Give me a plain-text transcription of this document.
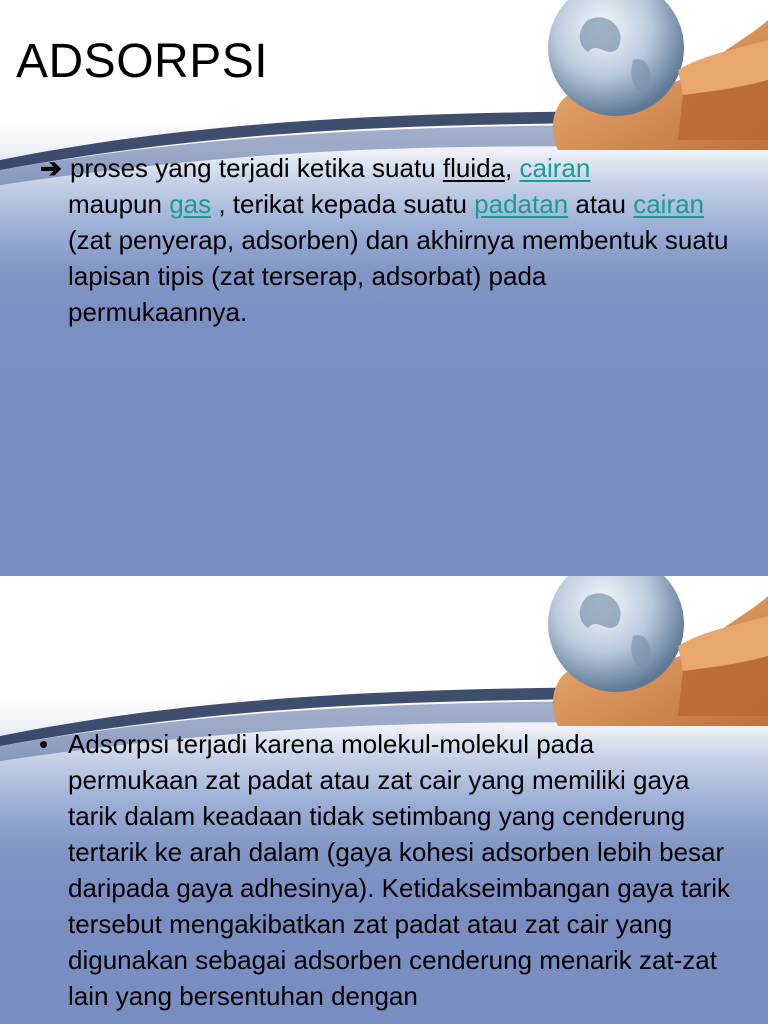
ADSORPSI
➔ proses yang terjadi ketika suatu fluida, cairan
maupun gas , terikat kepada suatu padatan atau cairan (zat penyerap, adsorben) dan akhirnya membentuk suatu lapisan tipis (zat terserap, adsorbat) pada permukaannya.
• Adsorpsi terjadi karena molekul-molekul pada permukaan zat padat atau zat cair yang memiliki gaya tarik dalam keadaan tidak setimbang yang cenderung tertarik ke arah dalam (gaya kohesi adsorben lebih besar daripada gaya adhesinya). Ketidakseimbangan gaya tarik tersebut mengakibatkan zat padat atau zat cair yang digunakan sebagai adsorben cenderung menarik zat-zat lain yang bersentuhan dengan
